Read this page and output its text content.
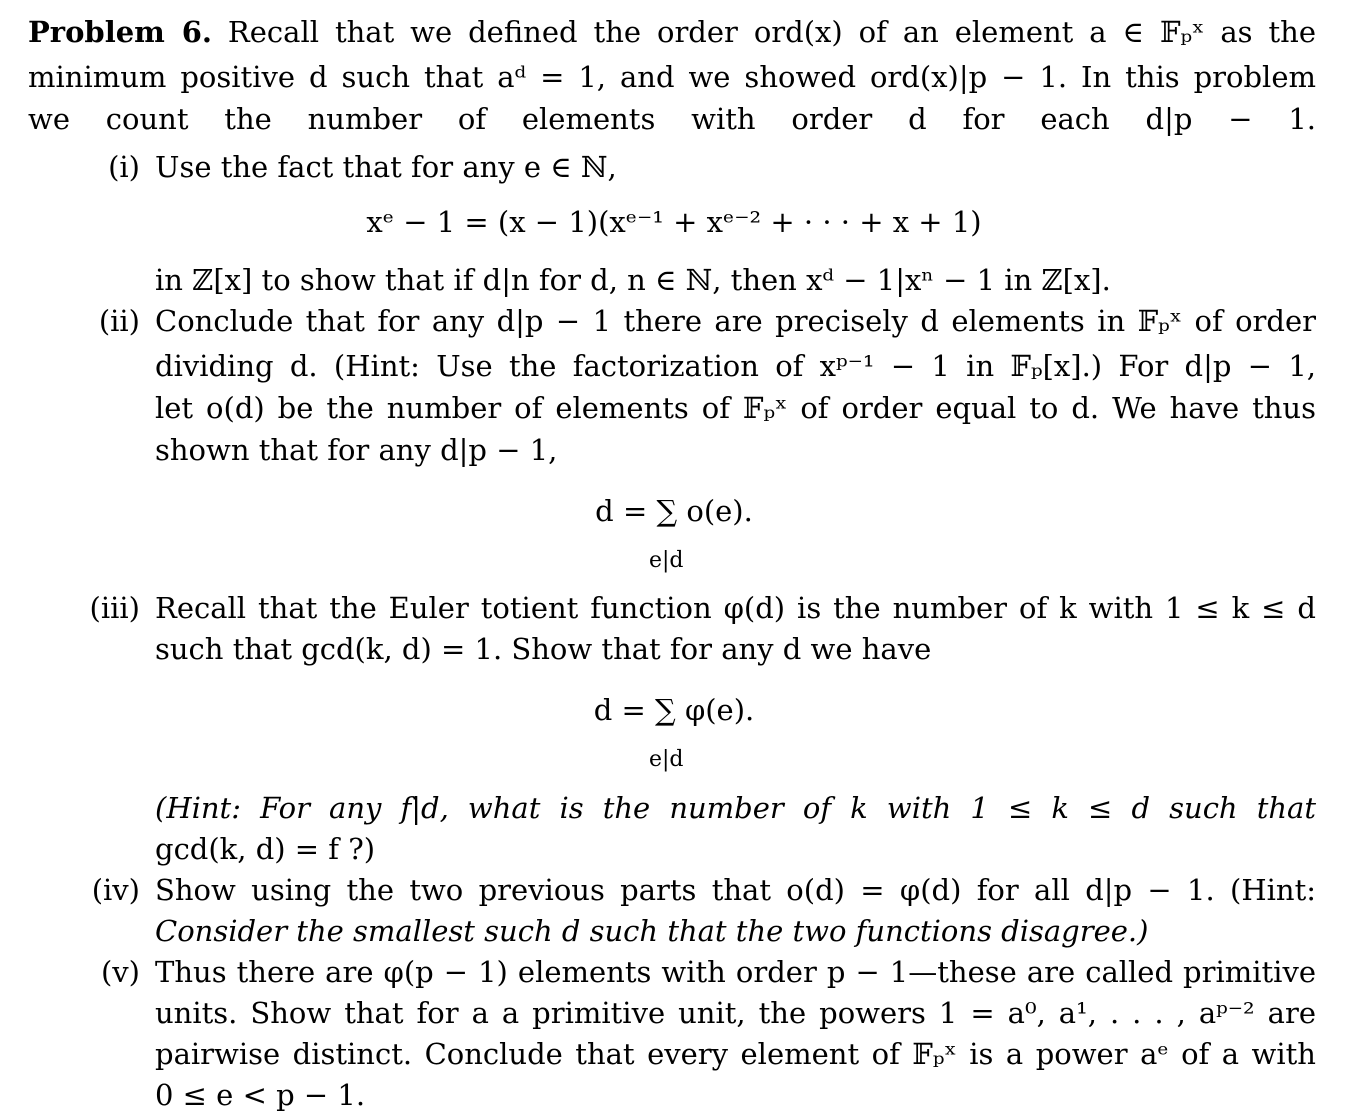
Problem 6. Recall that we defined the order ord(x) of an element a ∈ 𝔽ₚˣ as the
minimum positive d such that aᵈ = 1, and we showed ord(x)|p − 1. In this problem
we count the number of elements with order d for each d|p − 1.
(i) Use the fact that for any e ∈ ℕ,
xᵉ − 1 = (x − 1)(xᵉ⁻¹ + xᵉ⁻² + · · · + x + 1)
in ℤ[x] to show that if d|n for d, n ∈ ℕ, then xᵈ − 1|xⁿ − 1 in ℤ[x].
(ii) Conclude that for any d|p − 1 there are precisely d elements in 𝔽ₚˣ of order
dividing d. (Hint: Use the factorization of xᵖ⁻¹ − 1 in 𝔽ₚ[x].) For d|p − 1,
let o(d) be the number of elements of 𝔽ₚˣ of order equal to d. We have thus
shown that for any d|p − 1,
d = ∑ o(e).
e|d
(iii) Recall that the Euler totient function φ(d) is the number of k with 1 ≤ k ≤ d
such that gcd(k, d) = 1. Show that for any d we have
d = ∑ φ(e).
e|d
(Hint: For any f|d, what is the number of k with 1 ≤ k ≤ d such that
gcd(k, d) = f ?)
(iv) Show using the two previous parts that o(d) = φ(d) for all d|p − 1. (Hint:
Consider the smallest such d such that the two functions disagree.)
(v) Thus there are φ(p − 1) elements with order p − 1—these are called primitive
units. Show that for a a primitive unit, the powers 1 = a⁰, a¹, . . . , aᵖ⁻² are
pairwise distinct. Conclude that every element of 𝔽ₚˣ is a power aᵉ of a with
0 ≤ e < p − 1.
